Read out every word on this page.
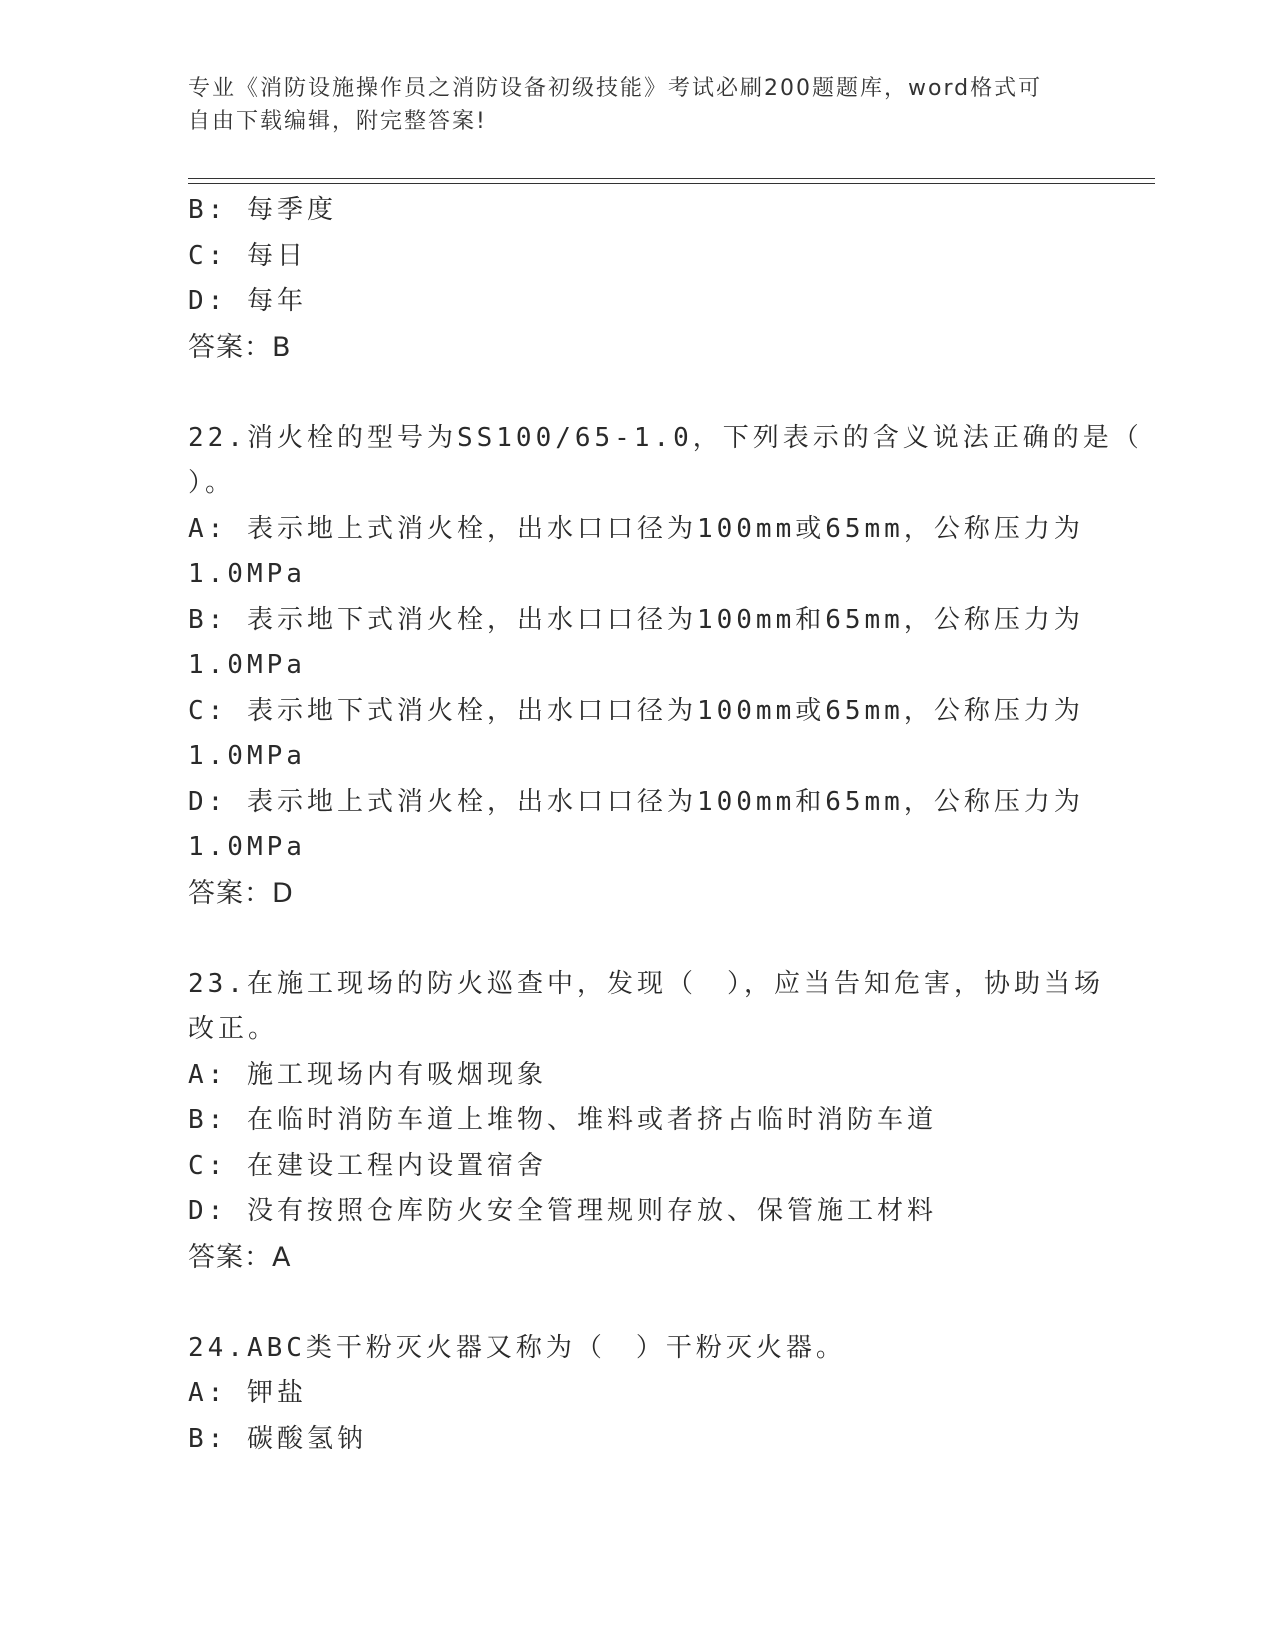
专业《消防设施操作员之消防设备初级技能》考试必刷200题题库，word格式可
自由下载编辑，附完整答案!
B: 每季度
C: 每日
D: 每年
答案：B
22.消火栓的型号为SS100/65-1.0，下列表示的含义说法正确的是（
）。
A: 表示地上式消火栓，出水口口径为100mm或65mm，公称压力为
1.0MPa
B: 表示地下式消火栓，出水口口径为100mm和65mm，公称压力为
1.0MPa
C: 表示地下式消火栓，出水口口径为100mm或65mm，公称压力为
1.0MPa
D: 表示地上式消火栓，出水口口径为100mm和65mm，公称压力为
1.0MPa
答案：D
23.在施工现场的防火巡查中，发现（　），应当告知危害，协助当场
改正。
A: 施工现场内有吸烟现象
B: 在临时消防车道上堆物、堆料或者挤占临时消防车道
C: 在建设工程内设置宿舍
D: 没有按照仓库防火安全管理规则存放、保管施工材料
答案：A
24.ABC类干粉灭火器又称为（　）干粉灭火器。
A: 钾盐
B: 碳酸氢钠
